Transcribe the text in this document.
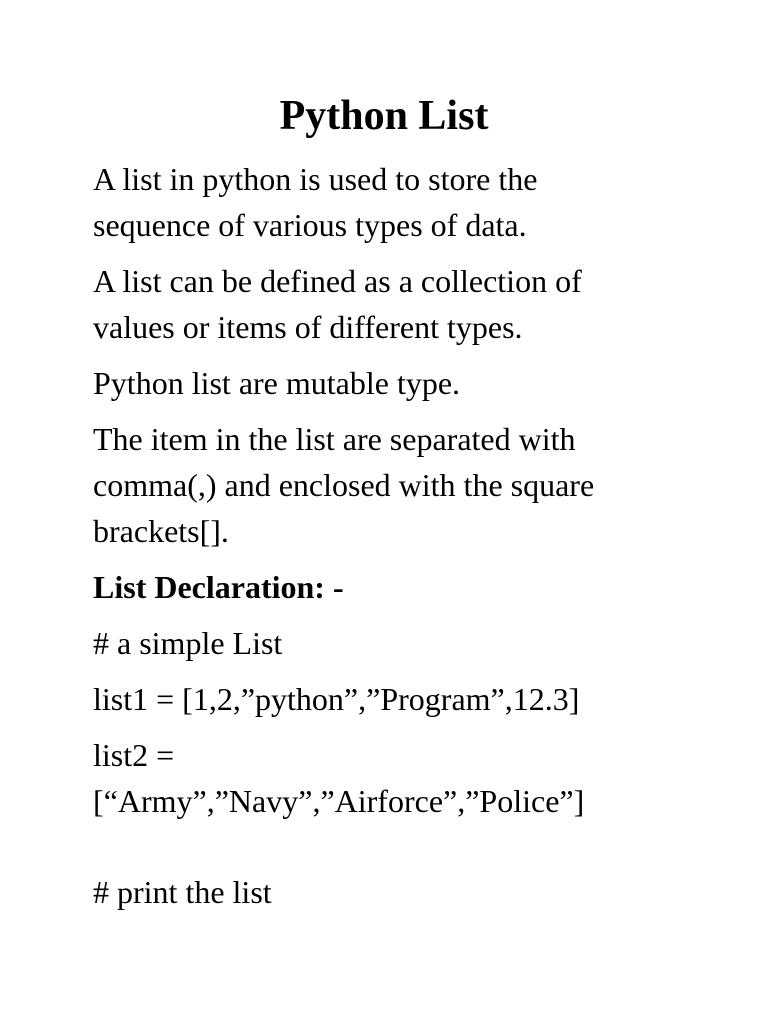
Python List
A list in python is used to store the
sequence of various types of data.
A list can be defined as a collection of
values or items of different types.
Python list are mutable type.
The item in the list are separated with
comma(,) and enclosed with the square
brackets[].
List Declaration: -
# a simple List
list1 = [1,2,”python”,”Program”,12.3]
list2 =
[“Army”,”Navy”,”Airforce”,”Police”]
# print the list
